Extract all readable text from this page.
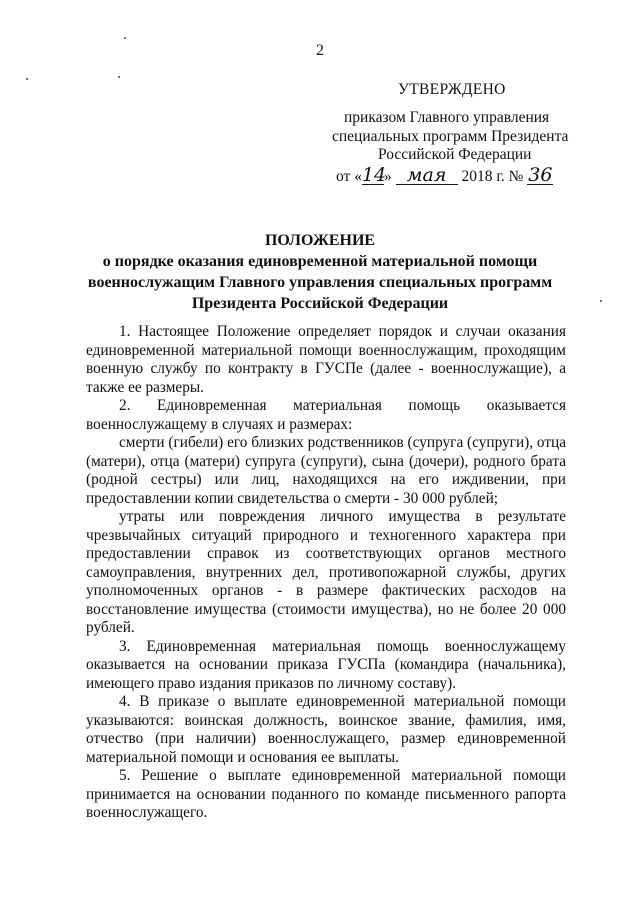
2
УТВЕРЖДЕНО
приказом Главного управления
специальных программ Президента
Российской Федерации
от «14» мая 2018 г. № 36
ПОЛОЖЕНИЕ
о порядке оказания единовременной материальной помощи
военнослужащим Главного управления специальных программ
Президента Российской Федерации

1. Настоящее Положение определяет порядок и случаи оказания единовременной материальной помощи военнослужащим, проходящим военную службу по контракту в ГУСПе (далее - военнослужащие), а также ее размеры.

2. Единовременная материальная помощь оказывается военнослужащему в случаях и размерах:

смерти (гибели) его близких родственников (супруга (супруги), отца (матери), отца (матери) супруга (супруги), сына (дочери), родного брата (родной сестры) или лиц, находящихся на его иждивении, при предоставлении копии свидетельства о смерти - 30 000 рублей;

утраты или повреждения личного имущества в результате чрезвычайных ситуаций природного и техногенного характера при предоставлении справок из соответствующих органов местного самоуправления, внутренних дел, противопожарной службы, других уполномоченных органов - в размере фактических расходов на восстановление имущества (стоимости имущества), но не более 20 000 рублей.

3. Единовременная материальная помощь военнослужащему оказывается на основании приказа ГУСПа (командира (начальника), имеющего право издания приказов по личному составу).

4. В приказе о выплате единовременной материальной помощи указываются: воинская должность, воинское звание, фамилия, имя, отчество (при наличии) военнослужащего, размер единовременной материальной помощи и основания ее выплаты.

5. Решение о выплате единовременной материальной помощи принимается на основании поданного по команде письменного рапорта военнослужащего.
